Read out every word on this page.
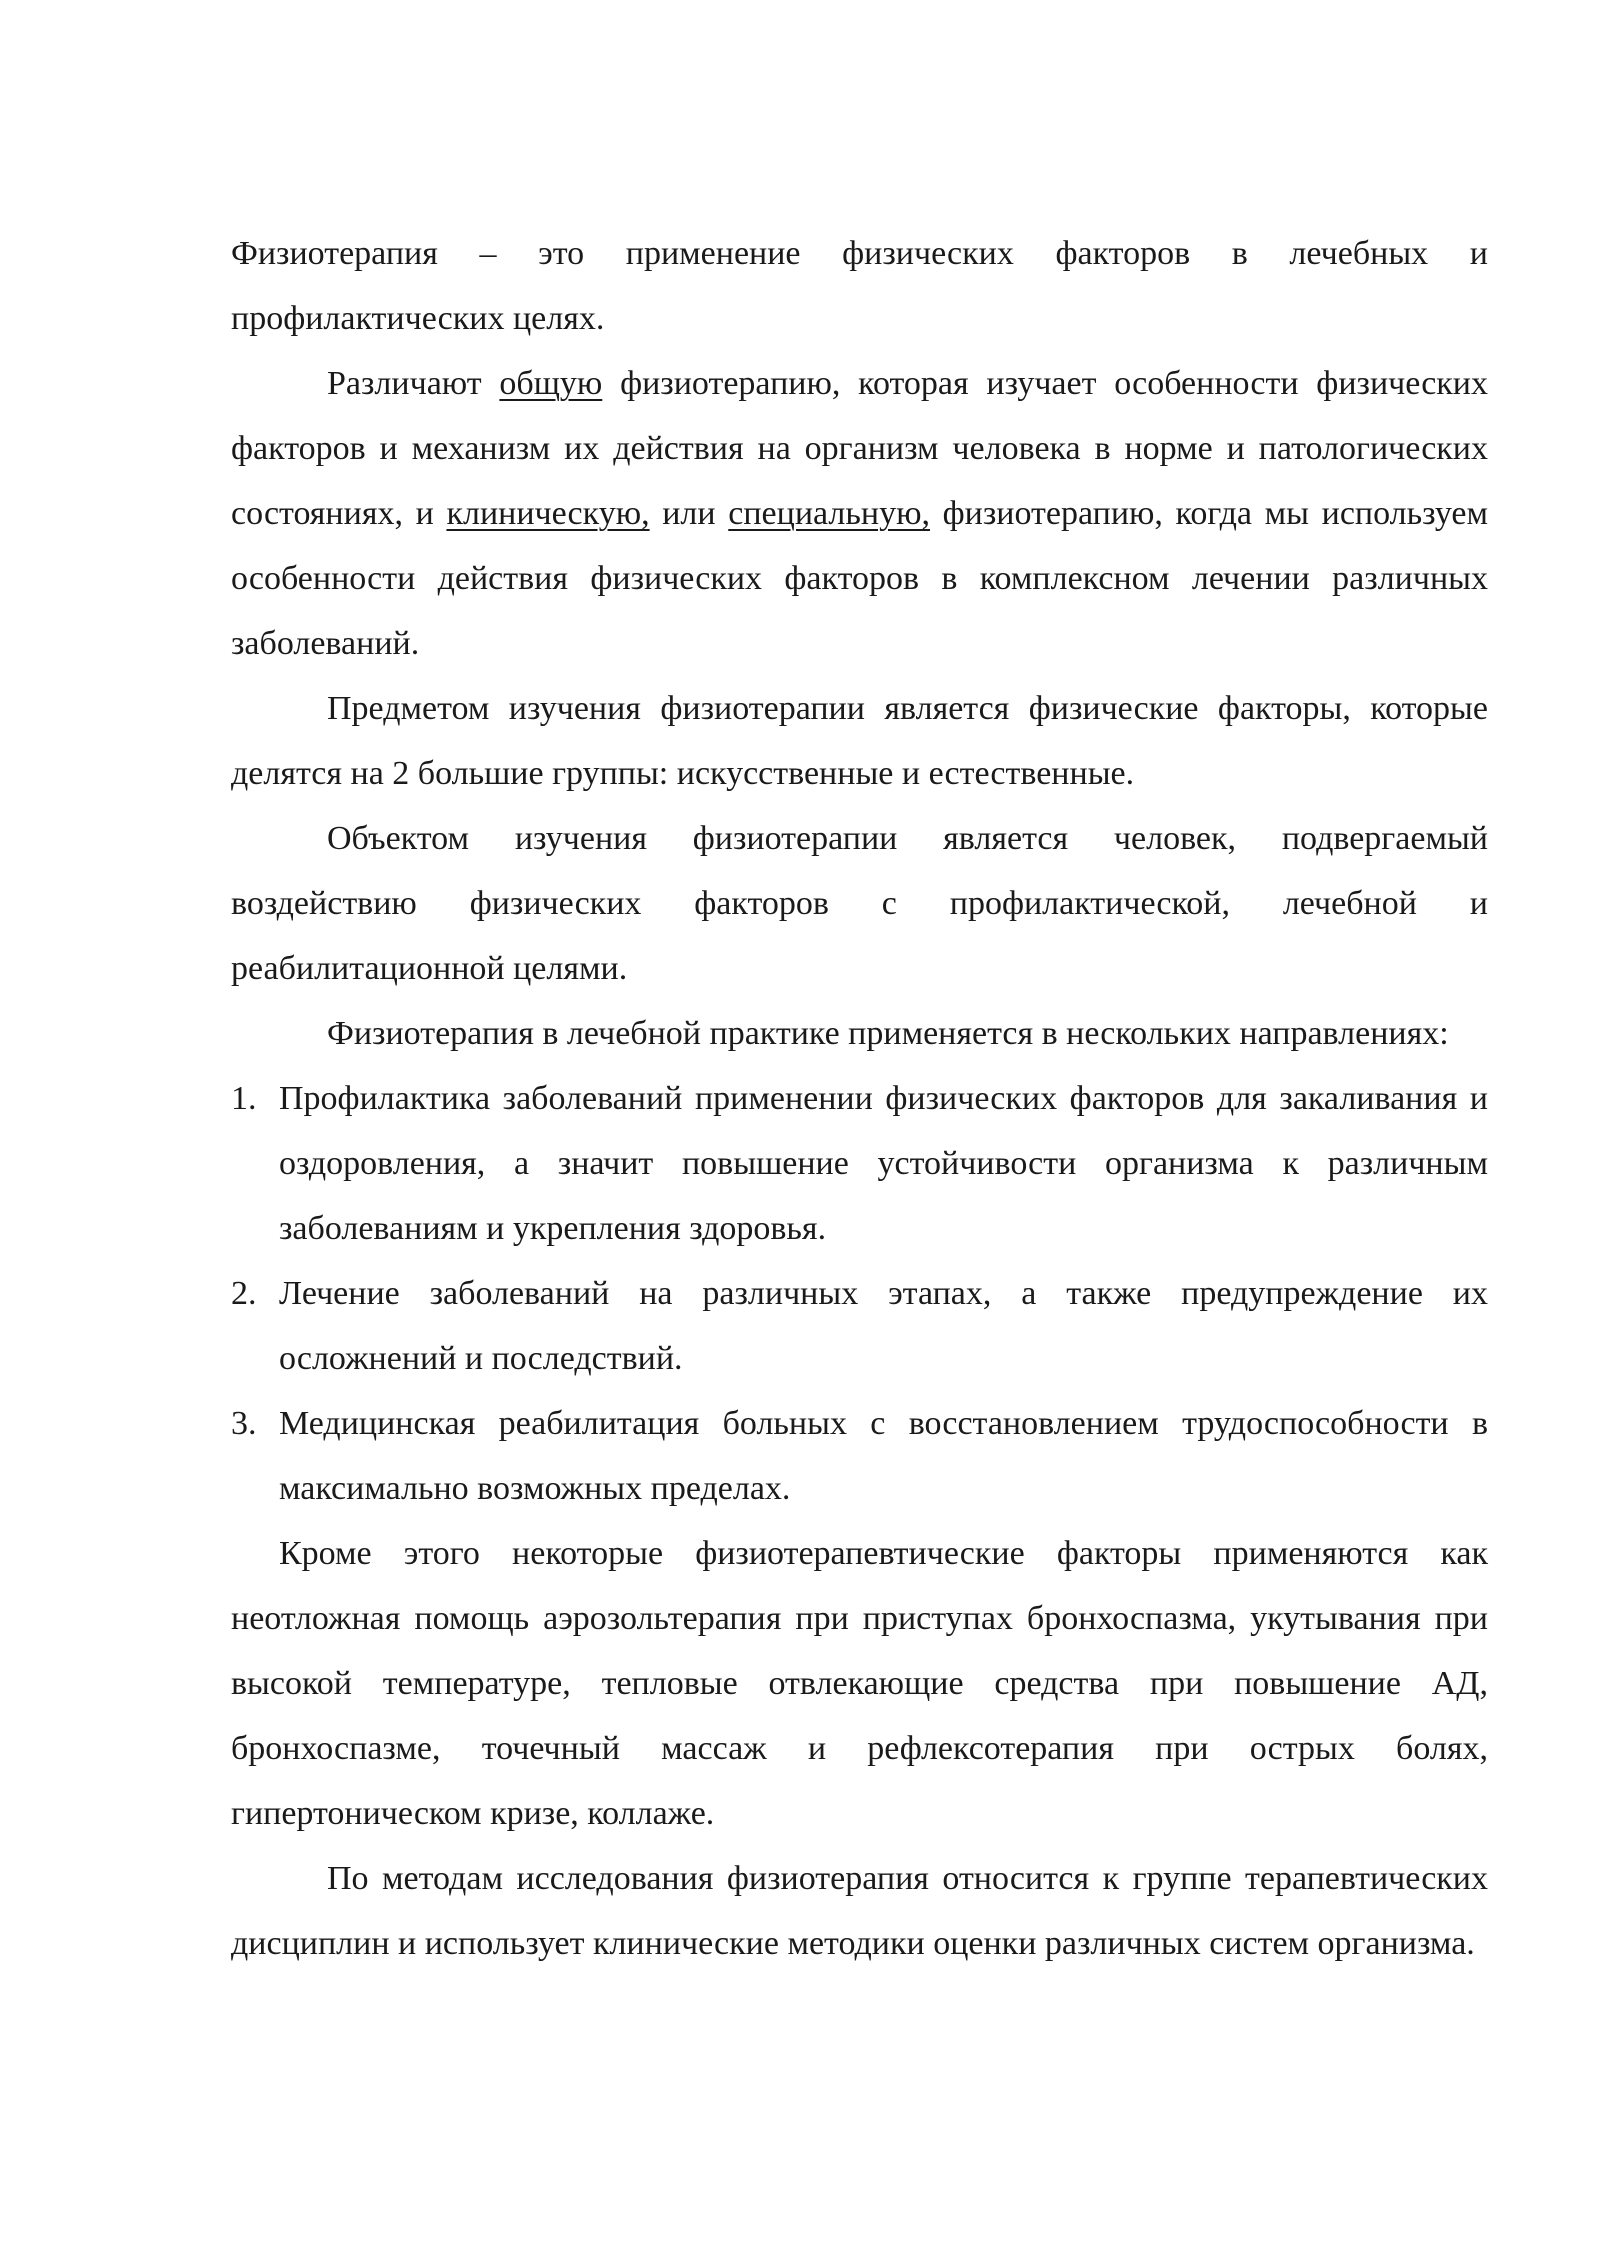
Физиотерапия – это применение физических факторов в лечебных и профилактических целях.

Различают общую физиотерапию, которая изучает особенности физических факторов и механизм их действия на организм человека в норме и патологических состояниях, и клиническую, или специальную, физиотерапию, когда мы используем особенности действия физических факторов в комплексном лечении различных заболеваний.

Предметом изучения физиотерапии является физические факторы, которые делятся на 2 большие группы: искусственные и естественные.

Объектом изучения физиотерапии является человек, подвергаемый воздействию физических факторов с профилактической, лечебной и реабилитационной целями.

Физиотерапия в лечебной практике применяется в нескольких направлениях:

1. Профилактика заболеваний применении физических факторов для закаливания и оздоровления, а значит повышение устойчивости организма к различным заболеваниям и укрепления здоровья.
2. Лечение заболеваний на различных этапах, а также предупреждение их осложнений и последствий.
3. Медицинская реабилитация больных с восстановлением трудоспособности в максимально возможных пределах.

Кроме этого некоторые физиотерапевтические факторы применяются как неотложная помощь аэрозольтерапия при приступах бронхоспазма, укутывания при высокой температуре, тепловые отвлекающие средства при повышение АД, бронхоспазме, точечный массаж и рефлексотерапия при острых болях, гипертоническом кризе, коллаже.

По методам исследования физиотерапия относится к группе терапевтических дисциплин и использует клинические методики оценки различных систем организма.
